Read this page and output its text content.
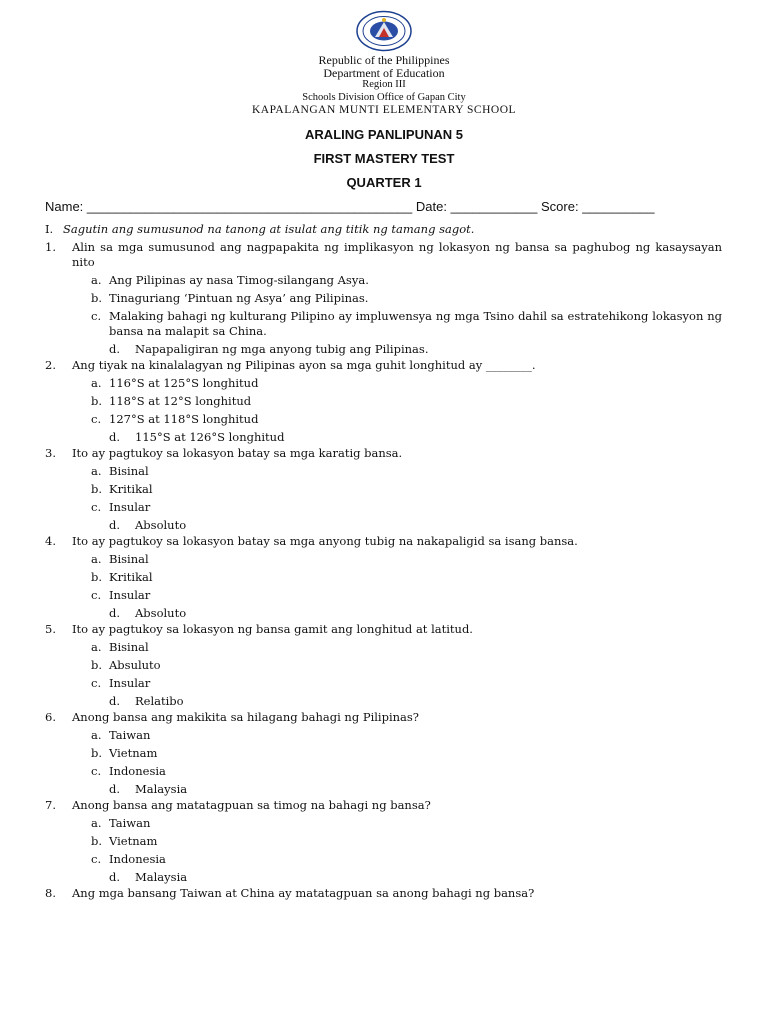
Republic of the Philippines
Department of Education
Region III
Schools Division Office of Gapan City
KAPALANGAN MUNTI ELEMENTARY SCHOOL
ARALING PANLIPUNAN 5
FIRST MASTERY TEST
QUARTER 1
Name: _____________________________________________ Date: ____________ Score: __________
I. Sagutin ang sumusunod na tanong at isulat ang titik ng tamang sagot.
1.	Alin sa mga sumusunod ang nagpapakita ng implikasyon ng lokasyon ng bansa sa paghubog ng kasaysayan nito
a. Ang Pilipinas ay nasa Timog-silangang Asya.
b. Tinaguriang ‘Pintuan ng Asya’ ang Pilipinas.
c. Malaking bahagi ng kulturang Pilipino ay impluwensya ng mga Tsino dahil sa estratehikong lokasyon ng bansa na malapit sa China.
d.	Napapaligiran ng mga anyong tubig ang Pilipinas.
2.	Ang tiyak na kinalalagyan ng Pilipinas ayon sa mga guhit longhitud ay ________.
a. 116°S at 125°S longhitud
b. 118°S at 12°S longhitud
c. 127°S at 118°S longhitud
d.	115°S at 126°S longhitud
3.	Ito ay pagtukoy sa lokasyon batay sa mga karatig bansa.
a. Bisinal
b. Kritikal
c. Insular
d.	Absoluto
4.	Ito ay pagtukoy sa lokasyon batay sa mga anyong tubig na nakapaligid sa isang bansa.
a. Bisinal
b. Kritikal
c. Insular
d.	Absoluto
5.	Ito ay pagtukoy sa lokasyon ng bansa gamit ang longhitud at latitud.
a. Bisinal
b. Absuluto
c. Insular
d.	Relatibo
6.	Anong bansa ang makikita sa hilagang bahagi ng Pilipinas?
a. Taiwan
b. Vietnam
c. Indonesia
d.	Malaysia
7.	Anong bansa ang matatagpuan sa timog na bahagi ng bansa?
a. Taiwan
b. Vietnam
c. Indonesia
d.	Malaysia
8.	Ang mga bansang Taiwan at China ay matatagpuan sa anong bahagi ng bansa?
